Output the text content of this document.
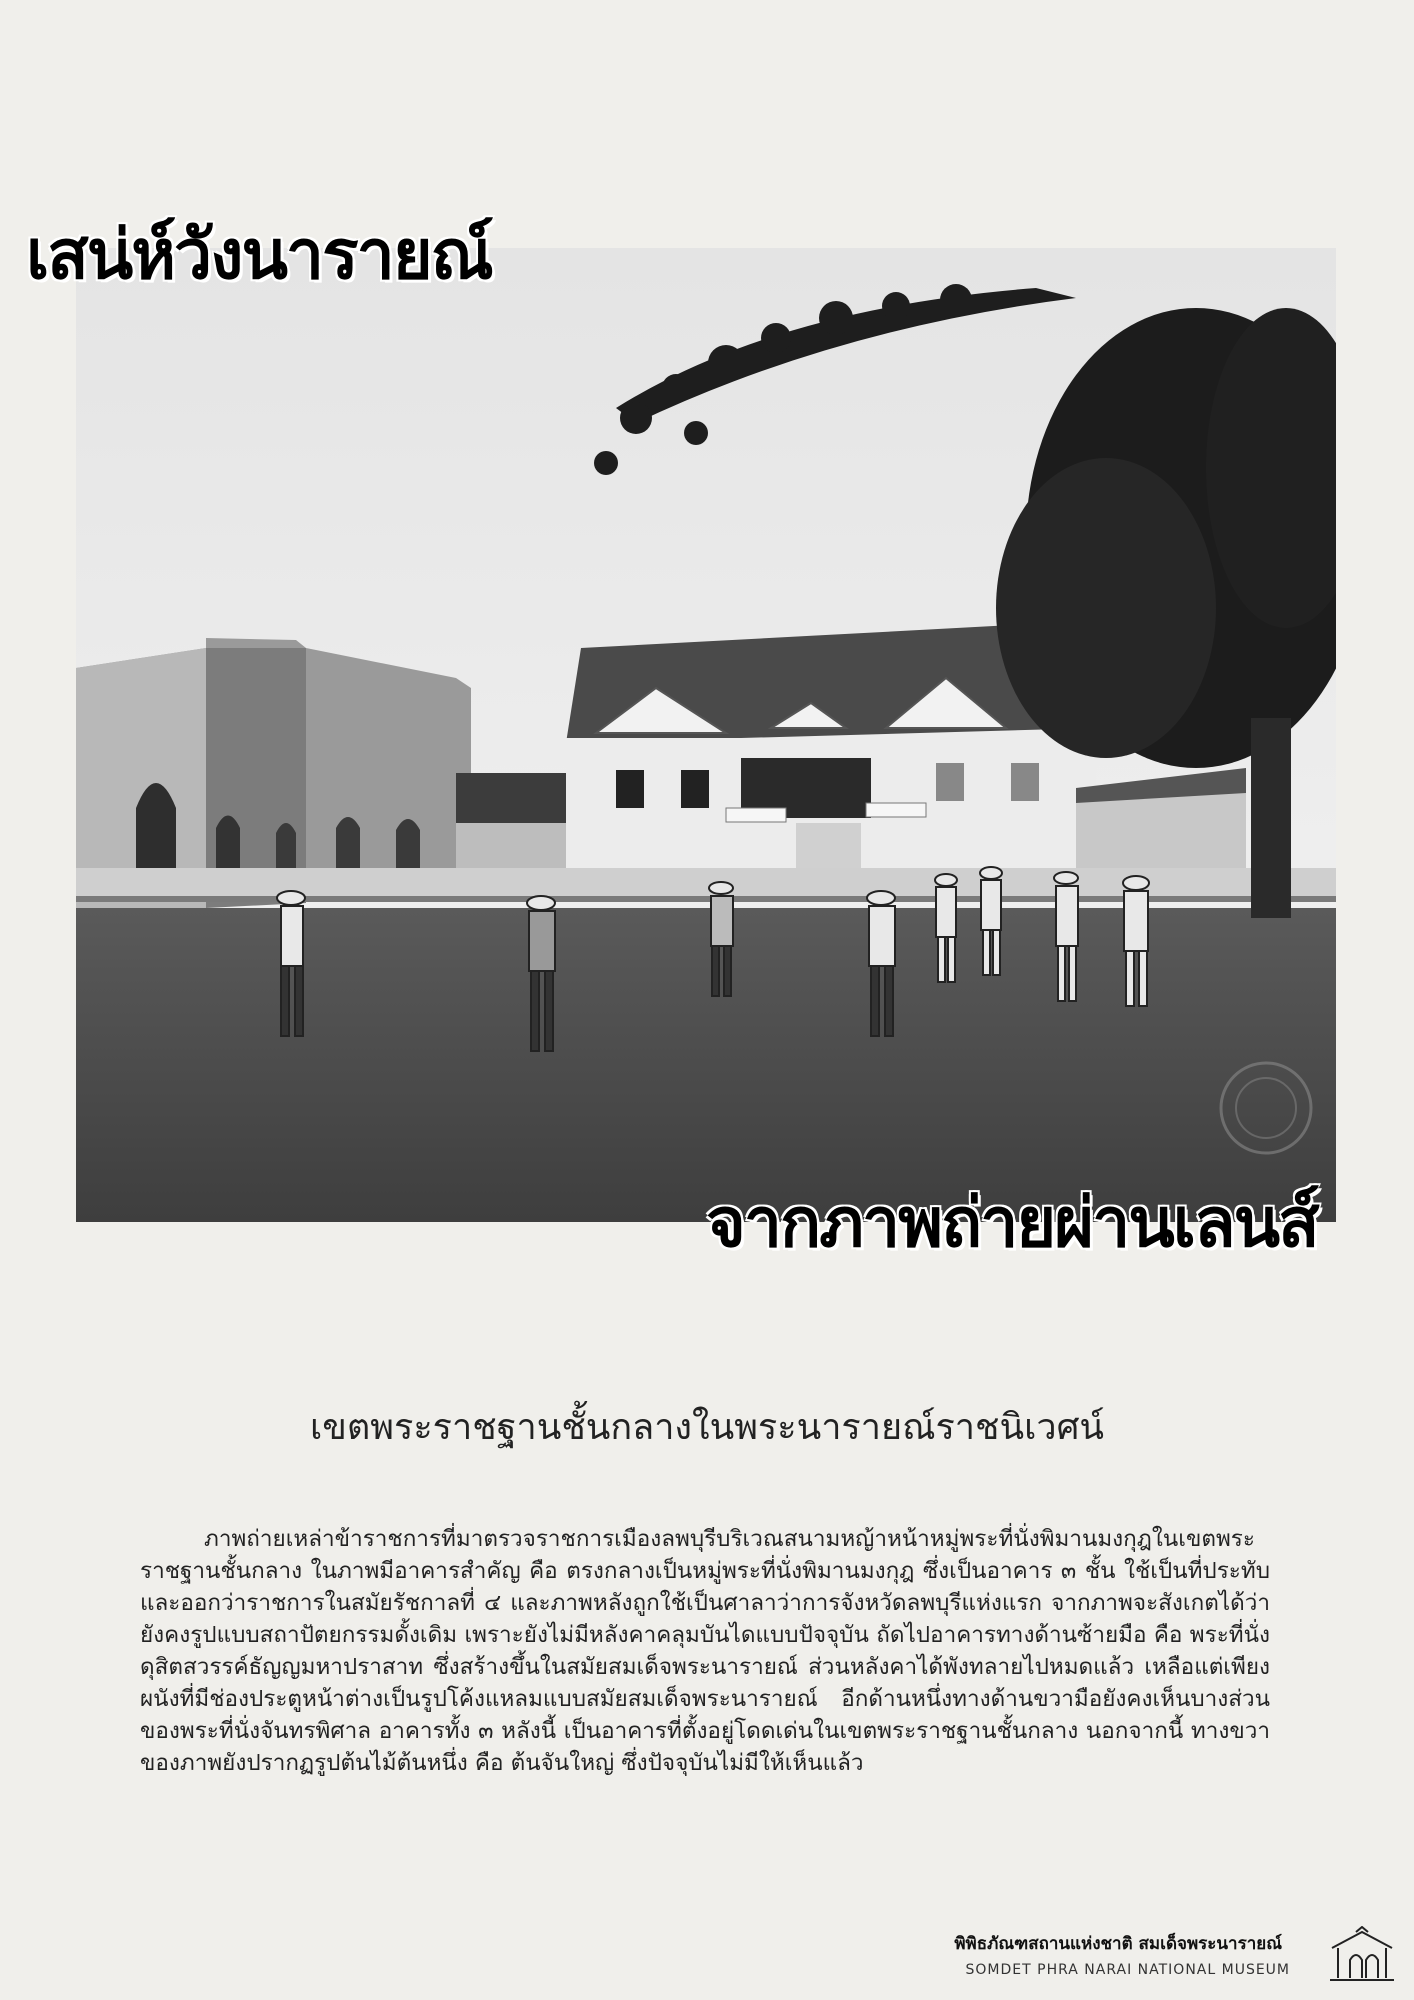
เสน่ห์วังนารายณ์
จากภาพถ่ายผ่านเลนส์
เขตพระราชฐานชั้นกลางในพระนารายณ์ราชนิเวศน์

ภาพถ่ายเหล่าข้าราชการที่มาตรวจราชการเมืองลพบุรีบริเวณสนามหญ้าหน้าหมู่พระที่นั่งพิมานมงกุฎในเขตพระราชฐานชั้นกลาง ในภาพมีอาคารสำคัญ คือ ตรงกลางเป็นหมู่พระที่นั่งพิมานมงกุฎ ซึ่งเป็นอาคาร ๓ ชั้น ใช้เป็นที่ประทับและออกว่าราชการในสมัยรัชกาลที่ ๔ และภาพหลังถูกใช้เป็นศาลาว่าการจังหวัดลพบุรีแห่งแรก จากภาพจะสังเกตได้ว่ายังคงรูปแบบสถาปัตยกรรมดั้งเดิม เพราะยังไม่มีหลังคาคลุมบันไดแบบปัจจุบัน ถัดไปอาคารทางด้านซ้ายมือ คือ พระที่นั่งดุสิตสวรรค์ธัญญมหาปราสาท ซึ่งสร้างขึ้นในสมัยสมเด็จพระนารายณ์ ส่วนหลังคาได้พังทลายไปหมดแล้ว เหลือแต่เพียงผนังที่มีช่องประตูหน้าต่างเป็นรูปโค้งแหลมแบบสมัยสมเด็จพระนารายณ์ อีกด้านหนึ่งทางด้านขวามือยังคงเห็นบางส่วนของพระที่นั่งจันทรพิศาล อาคารทั้ง ๓ หลังนี้ เป็นอาคารที่ตั้งอยู่โดดเด่นในเขตพระราชฐานชั้นกลาง นอกจากนี้ ทางขวาของภาพยังปรากฏรูปต้นไม้ต้นหนึ่ง คือ ต้นจันใหญ่ ซึ่งปัจจุบันไม่มีให้เห็นแล้ว

พิพิธภัณฑสถานแห่งชาติ สมเด็จพระนารายณ์
SOMDET PHRA NARAI NATIONAL MUSEUM
